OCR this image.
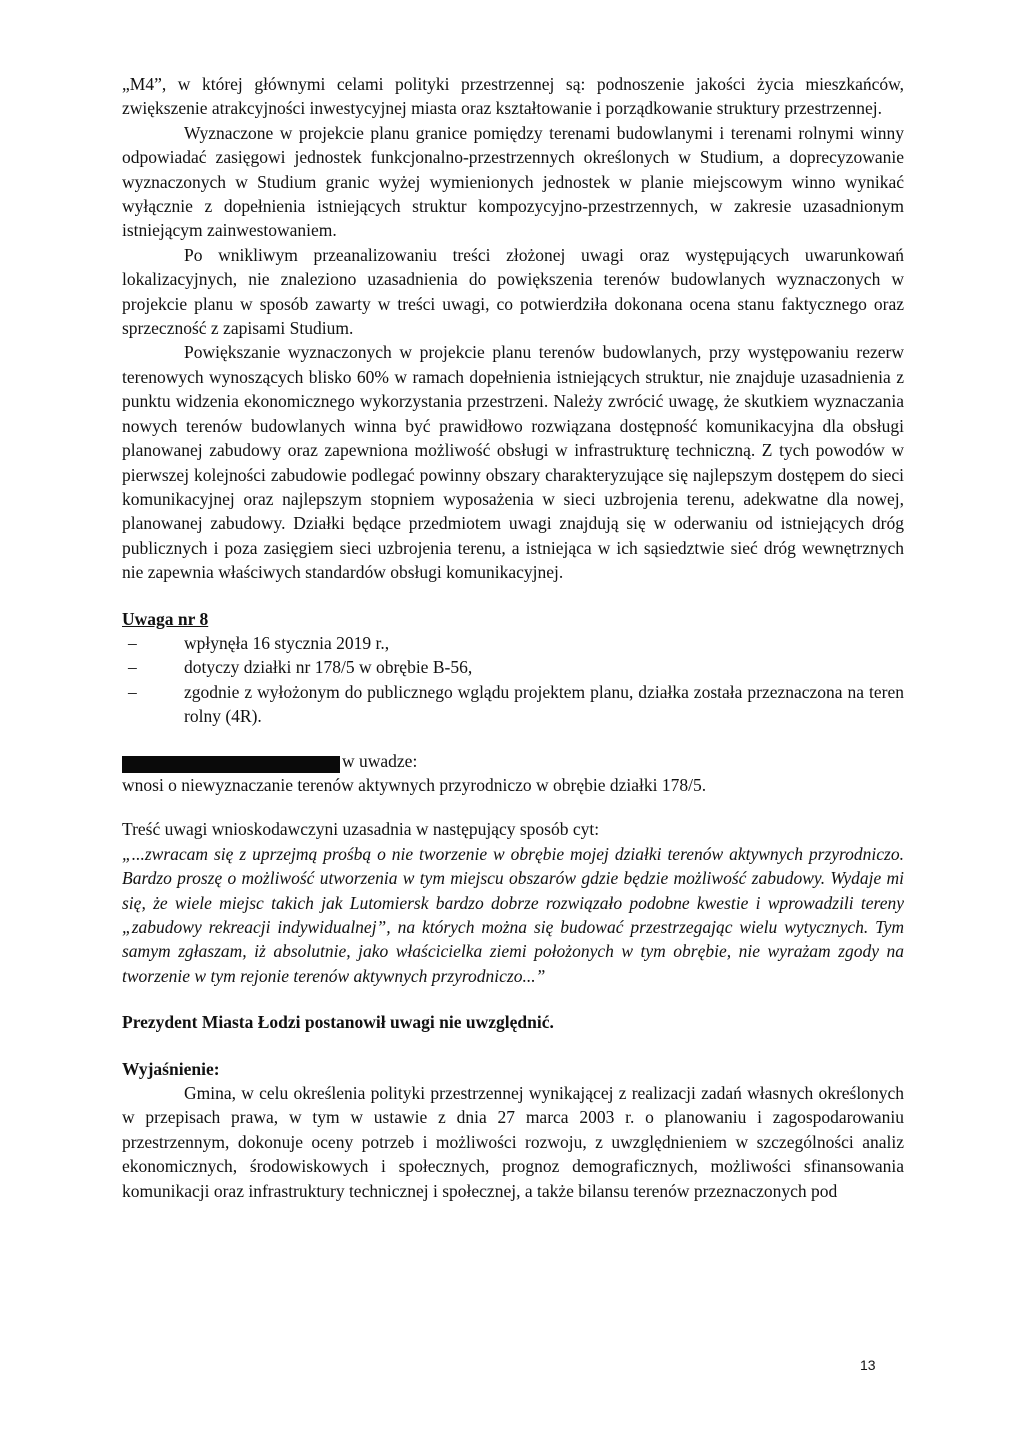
„M4”, w której głównymi celami polityki przestrzennej są: podnoszenie jakości życia mieszkańców, zwiększenie atrakcyjności inwestycyjnej miasta oraz kształtowanie i porządkowanie struktury przestrzennej.

Wyznaczone w projekcie planu granice pomiędzy terenami budowlanymi i terenami rolnymi winny odpowiadać zasięgowi jednostek funkcjonalno-przestrzennych określonych w Studium, a doprecyzowanie wyznaczonych w Studium granic wyżej wymienionych jednostek w planie miejscowym winno wynikać wyłącznie z dopełnienia istniejących struktur kompozycyjno-przestrzennych, w zakresie uzasadnionym istniejącym zainwestowaniem.

Po wnikliwym przeanalizowaniu treści złożonej uwagi oraz występujących uwarunkowań lokalizacyjnych, nie znaleziono uzasadnienia do powiększenia terenów budowlanych wyznaczonych w projekcie planu w sposób zawarty w treści uwagi, co potwierdziła dokonana ocena stanu faktycznego oraz sprzeczność z zapisami Studium.

Powiększanie wyznaczonych w projekcie planu terenów budowlanych, przy występowaniu rezerw terenowych wynoszących blisko 60% w ramach dopełnienia istniejących struktur, nie znajduje uzasadnienia z punktu widzenia ekonomicznego wykorzystania przestrzeni. Należy zwrócić uwagę, że skutkiem wyznaczania nowych terenów budowlanych winna być prawidłowo rozwiązana dostępność komunikacyjna dla obsługi planowanej zabudowy oraz zapewniona możliwość obsługi w infrastrukturę techniczną. Z tych powodów w pierwszej kolejności zabudowie podlegać powinny obszary charakteryzujące się najlepszym dostępem do sieci komunikacyjnej oraz najlepszym stopniem wyposażenia w sieci uzbrojenia terenu, adekwatne dla nowej, planowanej zabudowy. Działki będące przedmiotem uwagi znajdują się w oderwaniu od istniejących dróg publicznych i poza zasięgiem sieci uzbrojenia terenu, a istniejąca w ich sąsiedztwie sieć dróg wewnętrznych nie zapewnia właściwych standardów obsługi komunikacyjnej.

Uwaga nr 8

– wpłynęła 16 stycznia 2019 r.,
– dotyczy działki nr 178/5 w obrębie B-56,
– zgodnie z wyłożonym do publicznego wglądu projektem planu, działka została przeznaczona na teren rolny (4R).
w uwadze:

wnosi o niewyznaczanie terenów aktywnych przyrodniczo w obrębie działki 178/5.

Treść uwagi wnioskodawczyni uzasadnia w następujący sposób cyt:

„...zwracam się z uprzejmą prośbą o nie tworzenie w obrębie mojej działki terenów aktywnych przyrodniczo. Bardzo proszę o możliwość utworzenia w tym miejscu obszarów gdzie będzie możliwość zabudowy. Wydaje mi się, że wiele miejsc takich jak Lutomiersk bardzo dobrze rozwiązało podobne kwestie i wprowadzili tereny „zabudowy rekreacji indywidualnej”, na których można się budować przestrzegając wielu wytycznych. Tym samym zgłaszam, iż absolutnie, jako właścicielka ziemi położonych w tym obrębie, nie wyrażam zgody na tworzenie w tym rejonie terenów aktywnych przyrodniczo...”

Prezydent Miasta Łodzi postanowił uwagi nie uwzględnić.

Wyjaśnienie:

Gmina, w celu określenia polityki przestrzennej wynikającej z realizacji zadań własnych określonych w przepisach prawa, w tym w ustawie z dnia 27 marca 2003 r. o planowaniu i zagospodarowaniu przestrzennym, dokonuje oceny potrzeb i możliwości rozwoju, z uwzględnieniem w szczególności analiz ekonomicznych, środowiskowych i społecznych, prognoz demograficznych, możliwości sfinansowania komunikacji oraz infrastruktury technicznej i społecznej, a także bilansu terenów przeznaczonych pod

13
